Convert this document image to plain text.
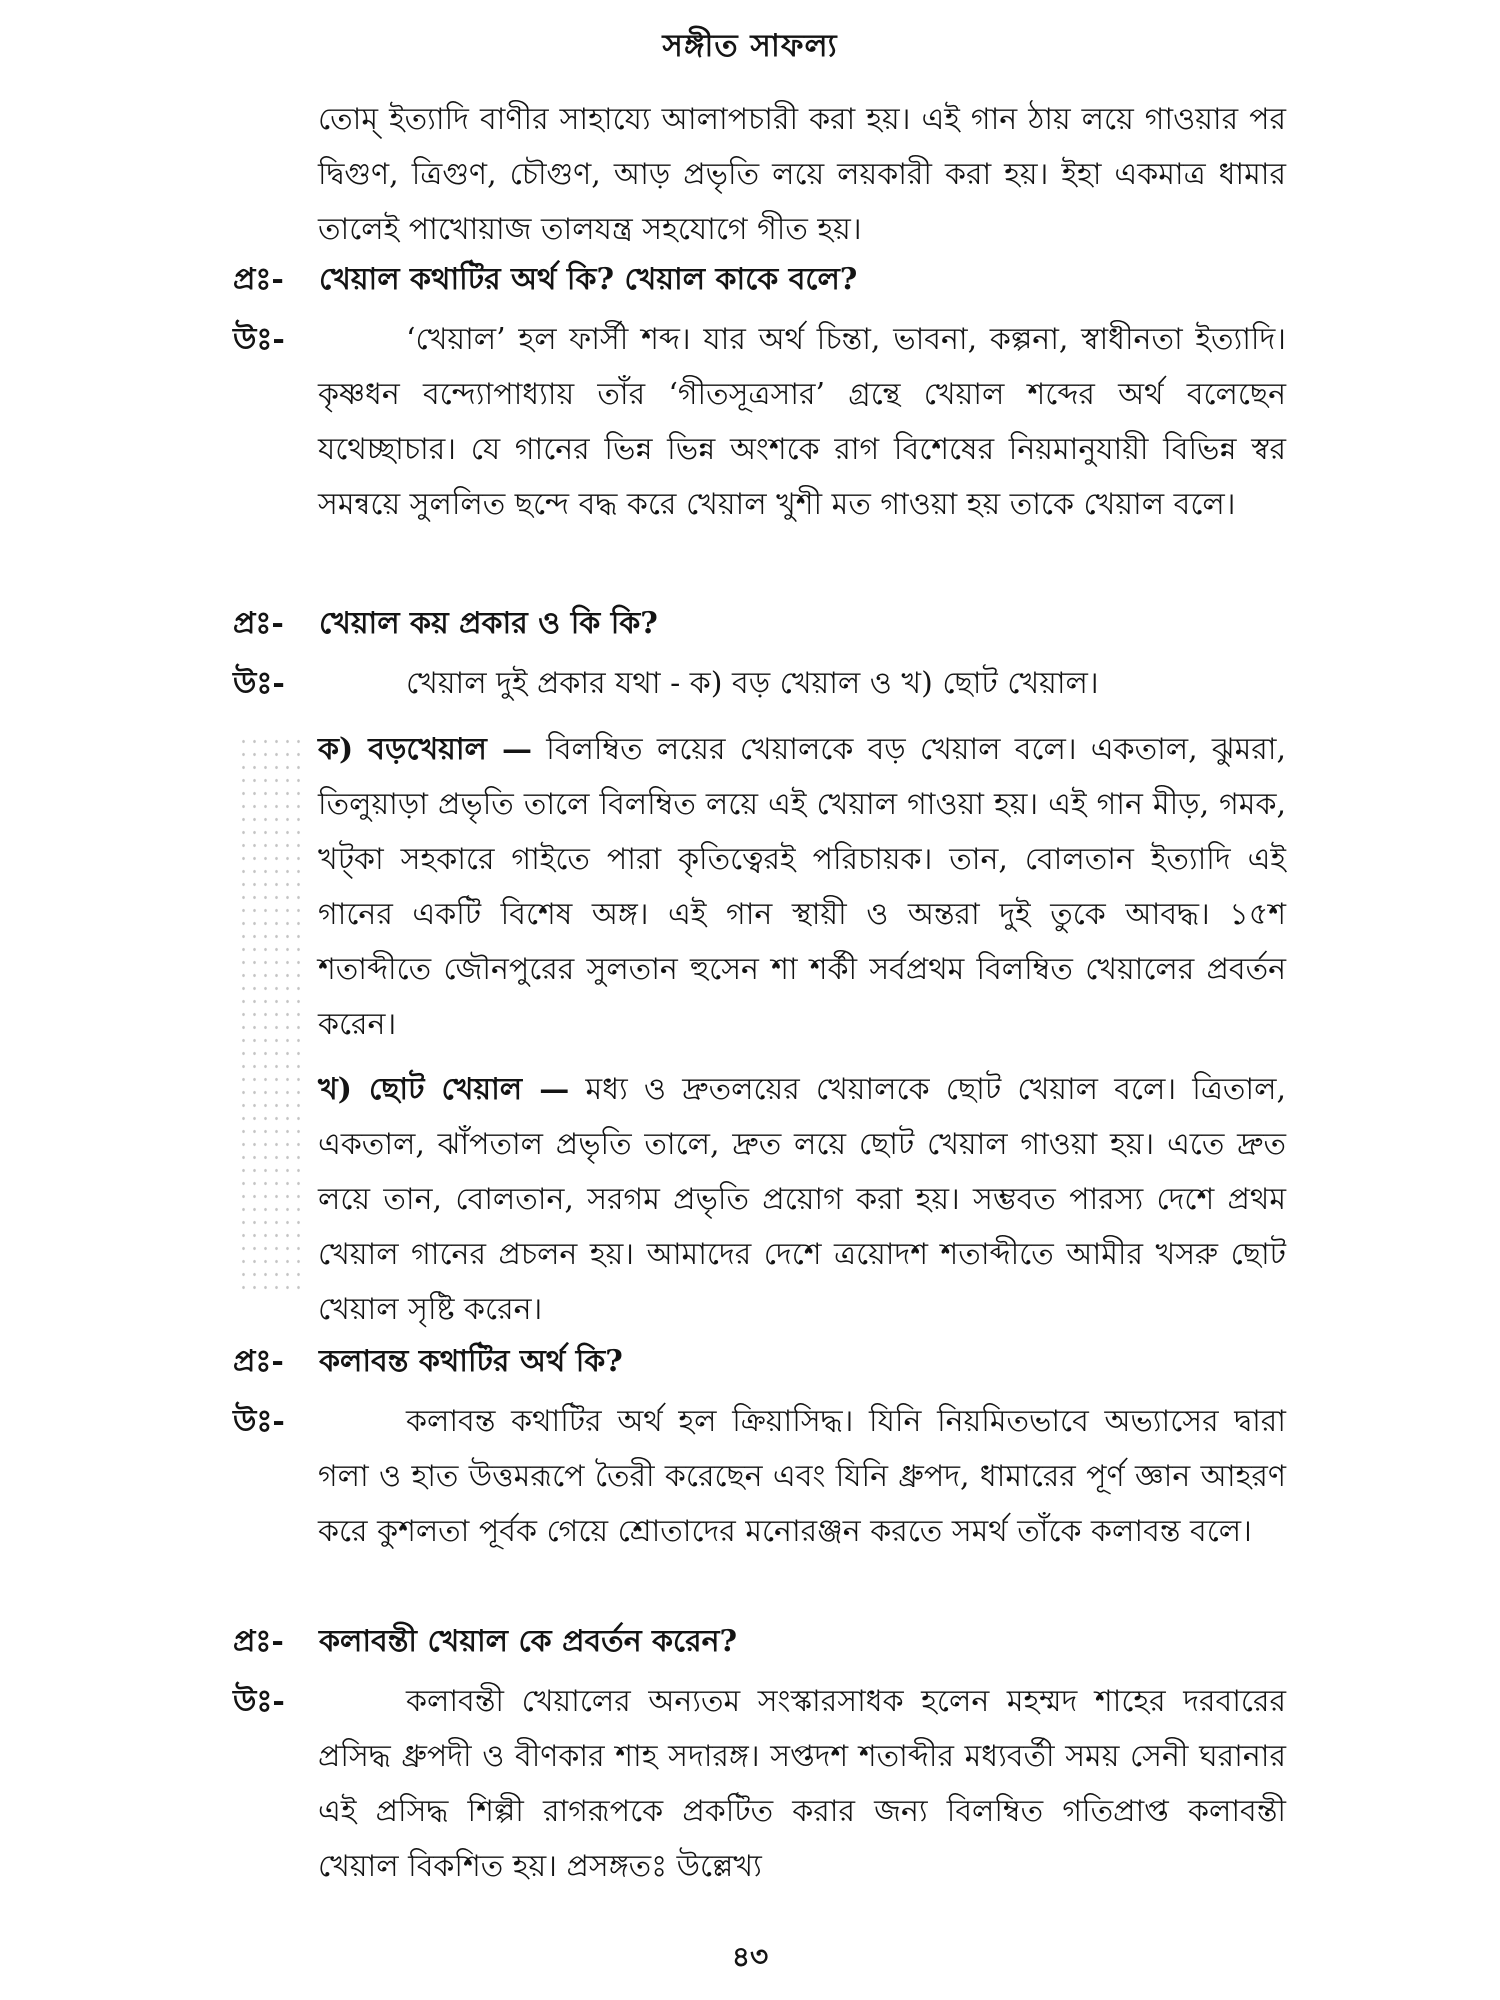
সঙ্গীত সাফল্য

তোম্ ইত্যাদি বাণীর সাহায্যে আলাপচারী করা হয়। এই গান ঠায় লয়ে গাওয়ার পর দ্বিগুণ, ত্রিগুণ, চৌগুণ, আড় প্রভৃতি লয়ে লয়কারী করা হয়। ইহা একমাত্র ধামার তালেই পাখোয়াজ তালযন্ত্র সহযোগে গীত হয়।

প্রঃ- খেয়াল কথাটির অর্থ কি? খেয়াল কাকে বলে?
উঃ-	‘খেয়াল’ হল ফার্সী শব্দ। যার অর্থ চিন্তা, ভাবনা, কল্পনা, স্বাধীনতা ইত্যাদি। কৃষ্ণধন বন্দ্যোপাধ্যায় তাঁর ‘গীতসূত্রসার’ গ্রন্থে খেয়াল শব্দের অর্থ বলেছেন যথেচ্ছাচার। যে গানের ভিন্ন ভিন্ন অংশকে রাগ বিশেষের নিয়মানুযায়ী বিভিন্ন স্বর সমন্বয়ে সুললিত ছন্দে বদ্ধ করে খেয়াল খুশী মত গাওয়া হয় তাকে খেয়াল বলে।
প্রঃ- খেয়াল কয় প্রকার ও কি কি?
উঃ-	খেয়াল দুই প্রকার যথা - ক) বড় খেয়াল ও খ) ছোট খেয়াল।

ক) বড়খেয়াল — বিলম্বিত লয়ের খেয়ালকে বড় খেয়াল বলে। একতাল, ঝুমরা, তিলুয়াড়া প্রভৃতি তালে বিলম্বিত লয়ে এই খেয়াল গাওয়া হয়। এই গান মীড়, গমক, খট্কা সহকারে গাইতে পারা কৃতিত্বেরই পরিচায়ক। তান, বোলতান ইত্যাদি এই গানের একটি বিশেষ অঙ্গ। এই গান স্থায়ী ও অন্তরা দুই তুকে আবদ্ধ। ১৫শ শতাব্দীতে জৌনপুরের সুলতান হুসেন শা শর্কী সর্বপ্রথম বিলম্বিত খেয়ালের প্রবর্তন করেন।

খ) ছোট খেয়াল — মধ্য ও দ্রুতলয়ের খেয়ালকে ছোট খেয়াল বলে। ত্রিতাল, একতাল, ঝাঁপতাল প্রভৃতি তালে, দ্রুত লয়ে ছোট খেয়াল গাওয়া হয়। এতে দ্রুত লয়ে তান, বোলতান, সরগম প্রভৃতি প্রয়োগ করা হয়। সম্ভবত পারস্য দেশে প্রথম খেয়াল গানের প্রচলন হয়। আমাদের দেশে ত্রয়োদশ শতাব্দীতে আমীর খসরু ছোট খেয়াল সৃষ্টি করেন।

প্রঃ- কলাবন্ত কথাটির অর্থ কি?
উঃ-	কলাবন্ত কথাটির অর্থ হল ক্রিয়াসিদ্ধ। যিনি নিয়মিতভাবে অভ্যাসের দ্বারা গলা ও হাত উত্তমরূপে তৈরী করেছেন এবং যিনি ধ্রুপদ, ধামারের পূর্ণ জ্ঞান আহরণ করে কুশলতা পূর্বক গেয়ে শ্রোতাদের মনোরঞ্জন করতে সমর্থ তাঁকে কলাবন্ত বলে।
প্রঃ- কলাবন্তী খেয়াল কে প্রবর্তন করেন?
উঃ-	কলাবন্তী খেয়ালের অন্যতম সংস্কারসাধক হলেন মহম্মদ শাহের দরবারের প্রসিদ্ধ ধ্রুপদী ও বীণকার শাহ সদারঙ্গ। সপ্তদশ শতাব্দীর মধ্যবর্তী সময় সেনী ঘরানার এই প্রসিদ্ধ শিল্পী রাগরূপকে প্রকটিত করার জন্য বিলম্বিত গতিপ্রাপ্ত কলাবন্তী খেয়াল বিকশিত হয়। প্রসঙ্গতঃ উল্লেখ্য
৪৩
